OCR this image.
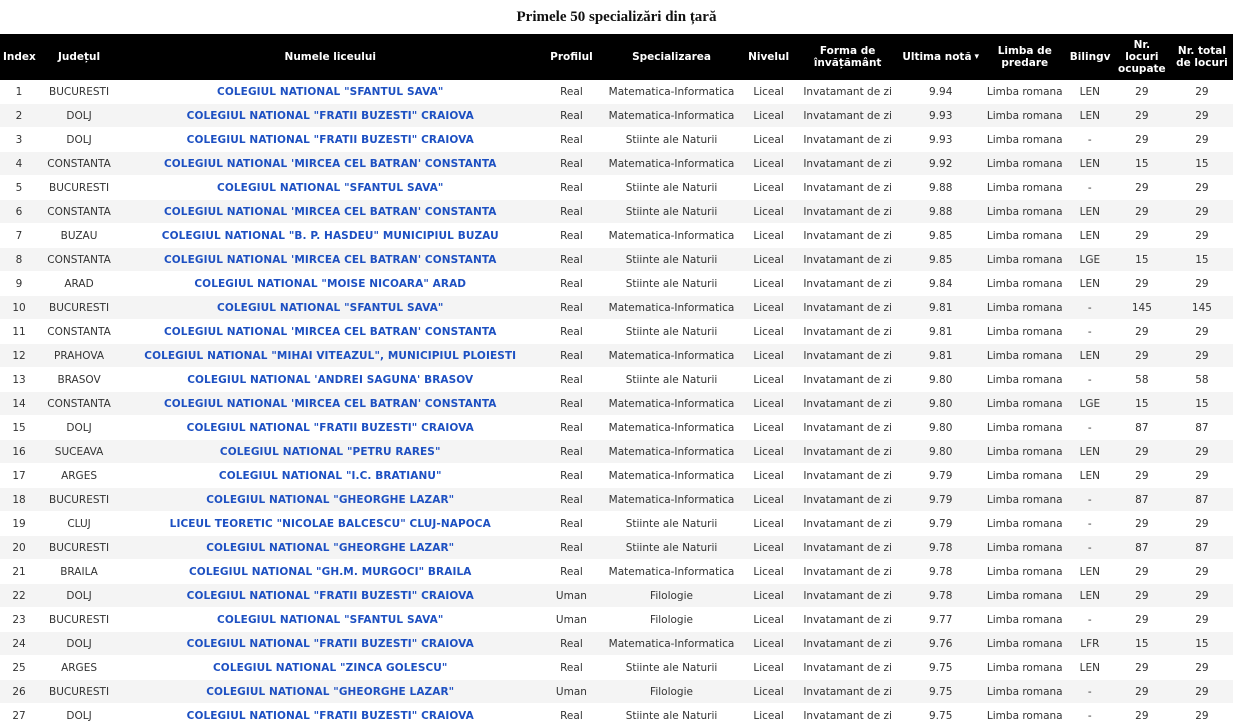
Primele 50 specializări din țară
Index	Județul	Numele liceului	Profilul	Specializarea	Nivelul	Forma de învățământ	Ultima notă ▾	Limba de predare	Bilingv	Nr. locuri ocupate	Nr. total de locuri
1	BUCURESTI	COLEGIUL NATIONAL "SFANTUL SAVA"	Real	Matematica-Informatica	Liceal	Invatamant de zi	9.94	Limba romana	LEN	29	29
2	DOLJ	COLEGIUL NATIONAL "FRATII BUZESTI" CRAIOVA	Real	Matematica-Informatica	Liceal	Invatamant de zi	9.93	Limba romana	LEN	29	29
3	DOLJ	COLEGIUL NATIONAL "FRATII BUZESTI" CRAIOVA	Real	Stiinte ale Naturii	Liceal	Invatamant de zi	9.93	Limba romana	-	29	29
4	CONSTANTA	COLEGIUL NATIONAL 'MIRCEA CEL BATRAN' CONSTANTA	Real	Matematica-Informatica	Liceal	Invatamant de zi	9.92	Limba romana	LEN	15	15
5	BUCURESTI	COLEGIUL NATIONAL "SFANTUL SAVA"	Real	Stiinte ale Naturii	Liceal	Invatamant de zi	9.88	Limba romana	-	29	29
6	CONSTANTA	COLEGIUL NATIONAL 'MIRCEA CEL BATRAN' CONSTANTA	Real	Stiinte ale Naturii	Liceal	Invatamant de zi	9.88	Limba romana	LEN	29	29
7	BUZAU	COLEGIUL NATIONAL "B. P. HASDEU" MUNICIPIUL BUZAU	Real	Matematica-Informatica	Liceal	Invatamant de zi	9.85	Limba romana	LEN	29	29
8	CONSTANTA	COLEGIUL NATIONAL 'MIRCEA CEL BATRAN' CONSTANTA	Real	Stiinte ale Naturii	Liceal	Invatamant de zi	9.85	Limba romana	LGE	15	15
9	ARAD	COLEGIUL NATIONAL "MOISE NICOARA" ARAD	Real	Stiinte ale Naturii	Liceal	Invatamant de zi	9.84	Limba romana	LEN	29	29
10	BUCURESTI	COLEGIUL NATIONAL "SFANTUL SAVA"	Real	Matematica-Informatica	Liceal	Invatamant de zi	9.81	Limba romana	-	145	145
11	CONSTANTA	COLEGIUL NATIONAL 'MIRCEA CEL BATRAN' CONSTANTA	Real	Stiinte ale Naturii	Liceal	Invatamant de zi	9.81	Limba romana	-	29	29
12	PRAHOVA	COLEGIUL NATIONAL "MIHAI VITEAZUL", MUNICIPIUL PLOIESTI	Real	Matematica-Informatica	Liceal	Invatamant de zi	9.81	Limba romana	LEN	29	29
13	BRASOV	COLEGIUL NATIONAL 'ANDREI SAGUNA' BRASOV	Real	Stiinte ale Naturii	Liceal	Invatamant de zi	9.80	Limba romana	-	58	58
14	CONSTANTA	COLEGIUL NATIONAL 'MIRCEA CEL BATRAN' CONSTANTA	Real	Matematica-Informatica	Liceal	Invatamant de zi	9.80	Limba romana	LGE	15	15
15	DOLJ	COLEGIUL NATIONAL "FRATII BUZESTI" CRAIOVA	Real	Matematica-Informatica	Liceal	Invatamant de zi	9.80	Limba romana	-	87	87
16	SUCEAVA	COLEGIUL NATIONAL "PETRU RARES"	Real	Matematica-Informatica	Liceal	Invatamant de zi	9.80	Limba romana	LEN	29	29
17	ARGES	COLEGIUL NATIONAL "I.C. BRATIANU"	Real	Matematica-Informatica	Liceal	Invatamant de zi	9.79	Limba romana	LEN	29	29
18	BUCURESTI	COLEGIUL NATIONAL "GHEORGHE LAZAR"	Real	Matematica-Informatica	Liceal	Invatamant de zi	9.79	Limba romana	-	87	87
19	CLUJ	LICEUL TEORETIC "NICOLAE BALCESCU" CLUJ-NAPOCA	Real	Stiinte ale Naturii	Liceal	Invatamant de zi	9.79	Limba romana	-	29	29
20	BUCURESTI	COLEGIUL NATIONAL "GHEORGHE LAZAR"	Real	Stiinte ale Naturii	Liceal	Invatamant de zi	9.78	Limba romana	-	87	87
21	BRAILA	COLEGIUL NATIONAL "GH.M. MURGOCI" BRAILA	Real	Matematica-Informatica	Liceal	Invatamant de zi	9.78	Limba romana	LEN	29	29
22	DOLJ	COLEGIUL NATIONAL "FRATII BUZESTI" CRAIOVA	Uman	Filologie	Liceal	Invatamant de zi	9.78	Limba romana	LEN	29	29
23	BUCURESTI	COLEGIUL NATIONAL "SFANTUL SAVA"	Uman	Filologie	Liceal	Invatamant de zi	9.77	Limba romana	-	29	29
24	DOLJ	COLEGIUL NATIONAL "FRATII BUZESTI" CRAIOVA	Real	Matematica-Informatica	Liceal	Invatamant de zi	9.76	Limba romana	LFR	15	15
25	ARGES	COLEGIUL NATIONAL "ZINCA GOLESCU"	Real	Stiinte ale Naturii	Liceal	Invatamant de zi	9.75	Limba romana	LEN	29	29
26	BUCURESTI	COLEGIUL NATIONAL "GHEORGHE LAZAR"	Uman	Filologie	Liceal	Invatamant de zi	9.75	Limba romana	-	29	29
27	DOLJ	COLEGIUL NATIONAL "FRATII BUZESTI" CRAIOVA	Real	Stiinte ale Naturii	Liceal	Invatamant de zi	9.75	Limba romana	-	29	29
